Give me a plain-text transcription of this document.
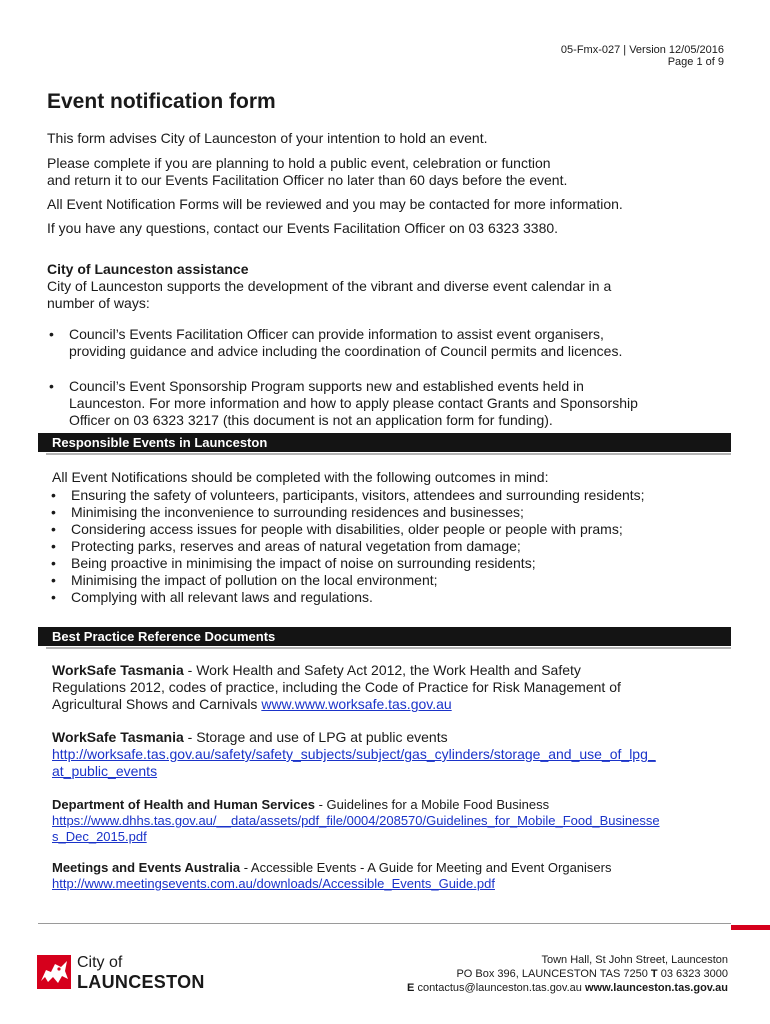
05-Fmx-027 | Version 12/05/2016
Page 1 of 9
Event notification form

This form advises City of Launceston of your intention to hold an event.

Please complete if you are planning to hold a public event, celebration or function

and return it to our Events Facilitation Officer no later than 60 days before the event.

All Event Notification Forms will be reviewed and you may be contacted for more information.

If you have any questions, contact our Events Facilitation Officer on 03 6323 3380.

City of Launceston assistance

City of Launceston supports the development of the vibrant and diverse event calendar in a

number of ways:

• Council’s Events Facilitation Officer can provide information to assist event organisers,
providing guidance and advice including the coordination of Council permits and licences.
• Council’s Event Sponsorship Program supports new and established events held in
Launceston. For more information and how to apply please contact Grants and Sponsorship
Officer on 03 6323 3217 (this document is not an application form for funding).
Responsible Events in Launceston

All Event Notifications should be completed with the following outcomes in mind:

• Ensuring the safety of volunteers, participants, visitors, attendees and surrounding residents;
• Minimising the inconvenience to surrounding residences and businesses;
• Considering access issues for people with disabilities, older people or people with prams;
• Protecting parks, reserves and areas of natural vegetation from damage;
• Being proactive in minimising the impact of noise on surrounding residents;
• Minimising the impact of pollution on the local environment;
• Complying with all relevant laws and regulations.
Best Practice Reference Documents
WorkSafe Tasmania - Work Health and Safety Act 2012, the Work Health and Safety
Regulations 2012, codes of practice, including the Code of Practice for Risk Management of
Agricultural Shows and Carnivals www.www.worksafe.tas.gov.au
WorkSafe Tasmania - Storage and use of LPG at public events
http://worksafe.tas.gov.au/safety/safety_subjects/subject/gas_cylinders/storage_and_use_of_lpg_
at_public_events
Department of Health and Human Services - Guidelines for a Mobile Food Business
https://www.dhhs.tas.gov.au/__data/assets/pdf_file/0004/208570/Guidelines_for_Mobile_Food_Businesse
s_Dec_2015.pdf
Meetings and Events Australia - Accessible Events - A Guide for Meeting and Event Organisers
http://www.meetingsevents.com.au/downloads/Accessible_Events_Guide.pdf
City of
LAUNCESTON
Town Hall, St John Street, Launceston
PO Box 396, LAUNCESTON TAS 7250 T 03 6323 3000
E contactus@launceston.tas.gov.au www.launceston.tas.gov.au
